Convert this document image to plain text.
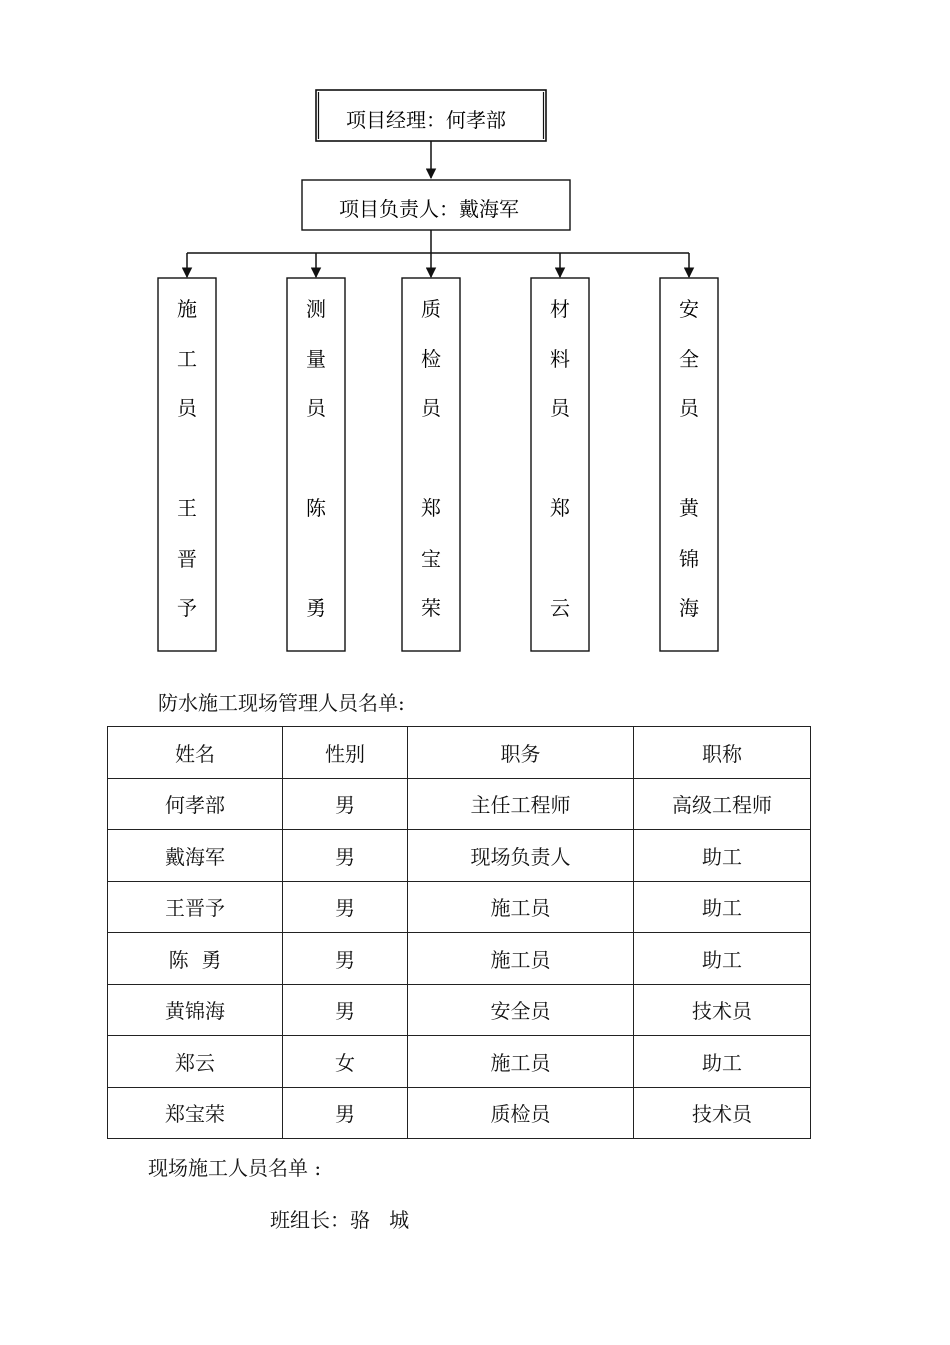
项目经理：何孝部
项目负责人：戴海军
施
工
员
王
晋
予
测
量
员
陈
勇
质
检
员
郑
宝
荣
材
料
员
郑
云
安
全
员
黄
锦
海
防水施工现场管理人员名单:
姓名	性别	职务	职称
何孝部	男	主任工程师	高级工程师
戴海军	男	现场负责人	助工
王晋予	男	施工员	助工
陈  勇	男	施工员	助工
黄锦海	男	安全员	技术员
郑云	女	施工员	助工
郑宝荣	男	质检员	技术员
现场施工人员名单 :
班组长：骆   城
